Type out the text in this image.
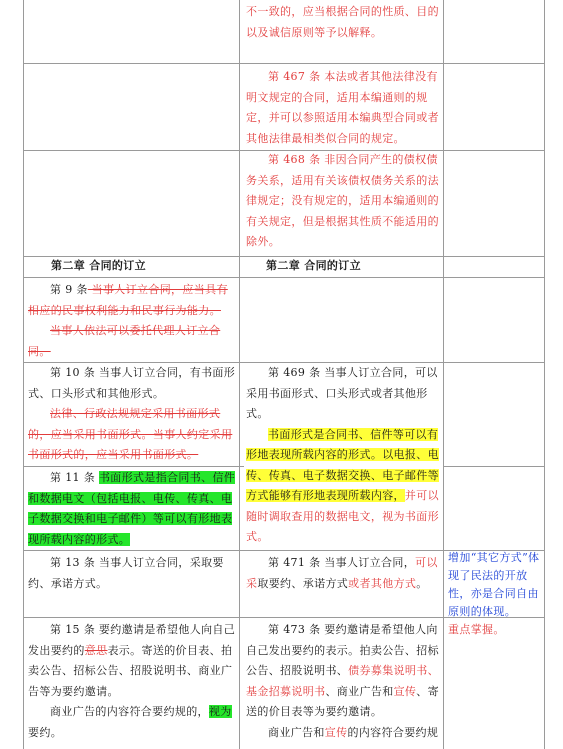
不一致的，应当根据合同的性质、目的以及诚信原则等予以解释。
第 467 条 本法或者其他法律没有明文规定的合同，适用本编通则的规定，并可以参照适用本编典型合同或者其他法律最相类似合同的规定。
第 468 条 非因合同产生的债权债务关系，适用有关该债权债务关系的法律规定；没有规定的，适用本编通则的有关规定，但是根据其性质不能适用的除外。
第二章 合同的订立	第二章 合同的订立
第 9 条 当事人订立合同，应当具有相应的民事权利能力和民事行为能力。
当事人依法可以委托代理人订立合同。
第 10 条 当事人订立合同，有书面形式、口头形式和其他形式。
法律、行政法规规定采用书面形式的，应当采用书面形式。当事人约定采用书面形式的，应当采用书面形式。
第 469 条 当事人订立合同，可以采用书面形式、口头形式或者其他形式。
书面形式是合同书、信件等可以有形地表现所载内容的形式。以电报、电传、传真、电子数据交换、电子邮件等方式能够有形地表现所载内容，并可以随时调取查用的数据电文，视为书面形式。
第 11 条 书面形式是指合同书、信件和数据电文（包括电报、电传、传真、电子数据交换和电子邮件）等可以有形地表现所载内容的形式。
第 13 条 当事人订立合同，采取要约、承诺方式。
第 471 条 当事人订立合同，可以采取要约、承诺方式或者其他方式。
增加“其它方式”体现了民法的开放性，亦是合同自由原则的体现。
第 15 条 要约邀请是希望他人向自己发出要约的意思表示。寄送的价目表、拍卖公告、招标公告、招股说明书、商业广告等为要约邀请。
商业广告的内容符合要约规的，视为要约。
第 473 条 要约邀请是希望他人向自己发出要约的表示。拍卖公告、招标公告、招股说明书、债券募集说明书、基金招募说明书、商业广告和宣传、寄送的价目表等为要约邀请。
商业广告和宣传的内容符合要约规
重点掌握。
